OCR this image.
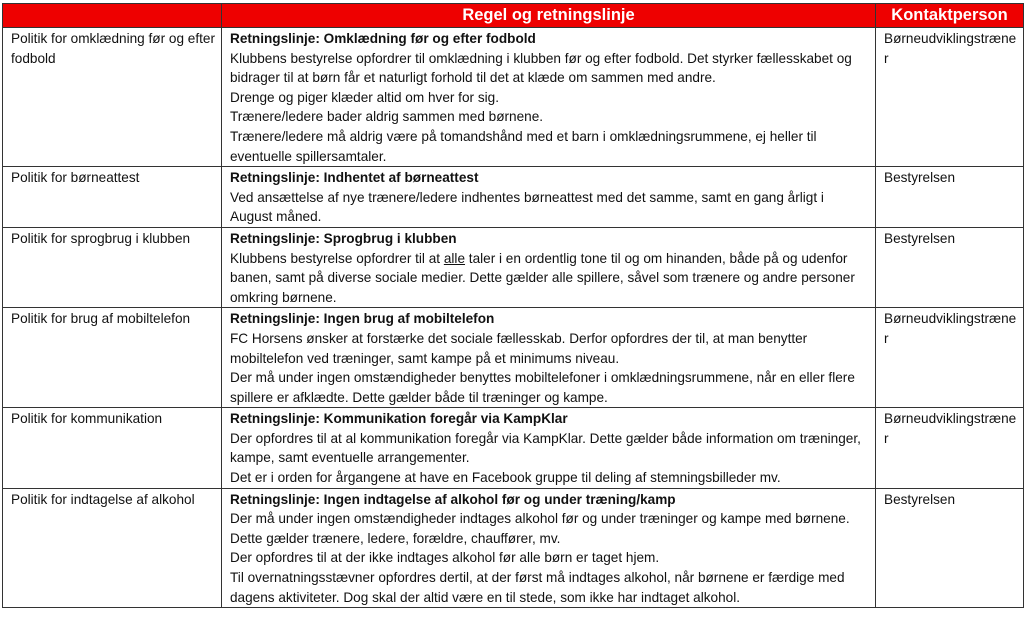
	Regel og retningslinje	Kontaktperson
Politik for omklædning før og efter fodbold	Retningslinje: Omklædning før og efter fodbold
Klubbens bestyrelse opfordrer til omklædning i klubben før og efter fodbold. Det styrker fællesskabet og bidrager til at børn får et naturligt forhold til det at klæde om sammen med andre.
Drenge og piger klæder altid om hver for sig.
Trænere/ledere bader aldrig sammen med børnene.
Trænere/ledere må aldrig være på tomandshånd med et barn i omklædningsrummene, ej heller til eventuelle spillersamtaler.	Børneudviklingstræner
Politik for børneattest	Retningslinje: Indhentet af børneattest
Ved ansættelse af nye trænere/ledere indhentes børneattest med det samme, samt en gang årligt i August måned.	Bestyrelsen
Politik for sprogbrug i klubben	Retningslinje: Sprogbrug i klubben
Klubbens bestyrelse opfordrer til at alle taler i en ordentlig tone til og om hinanden, både på og udenfor banen, samt på diverse sociale medier. Dette gælder alle spillere, såvel som trænere og andre personer omkring børnene.	Bestyrelsen
Politik for brug af mobiltelefon	Retningslinje: Ingen brug af mobiltelefon
FC Horsens ønsker at forstærke det sociale fællesskab. Derfor opfordres der til, at man benytter mobiltelefon ved træninger, samt kampe på et minimums niveau.
Der må under ingen omstændigheder benyttes mobiltelefoner i omklædningsrummene, når en eller flere spillere er afklædte. Dette gælder både til træninger og kampe.	Børneudviklingstræner
Politik for kommunikation	Retningslinje: Kommunikation foregår via KampKlar
Der opfordres til at al kommunikation foregår via KampKlar. Dette gælder både information om træninger, kampe, samt eventuelle arrangementer.
Det er i orden for årgangene at have en Facebook gruppe til deling af stemningsbilleder mv.	Børneudviklingstræner
Politik for indtagelse af alkohol	Retningslinje: Ingen indtagelse af alkohol før og under træning/kamp
Der må under ingen omstændigheder indtages alkohol før og under træninger og kampe med børnene. Dette gælder trænere, ledere, forældre, chauffører, mv.
Der opfordres til at der ikke indtages alkohol før alle børn er taget hjem.
Til overnatningsstævner opfordres dertil, at der først må indtages alkohol, når børnene er færdige med dagens aktiviteter. Dog skal der altid være en til stede, som ikke har indtaget alkohol.	Bestyrelsen
